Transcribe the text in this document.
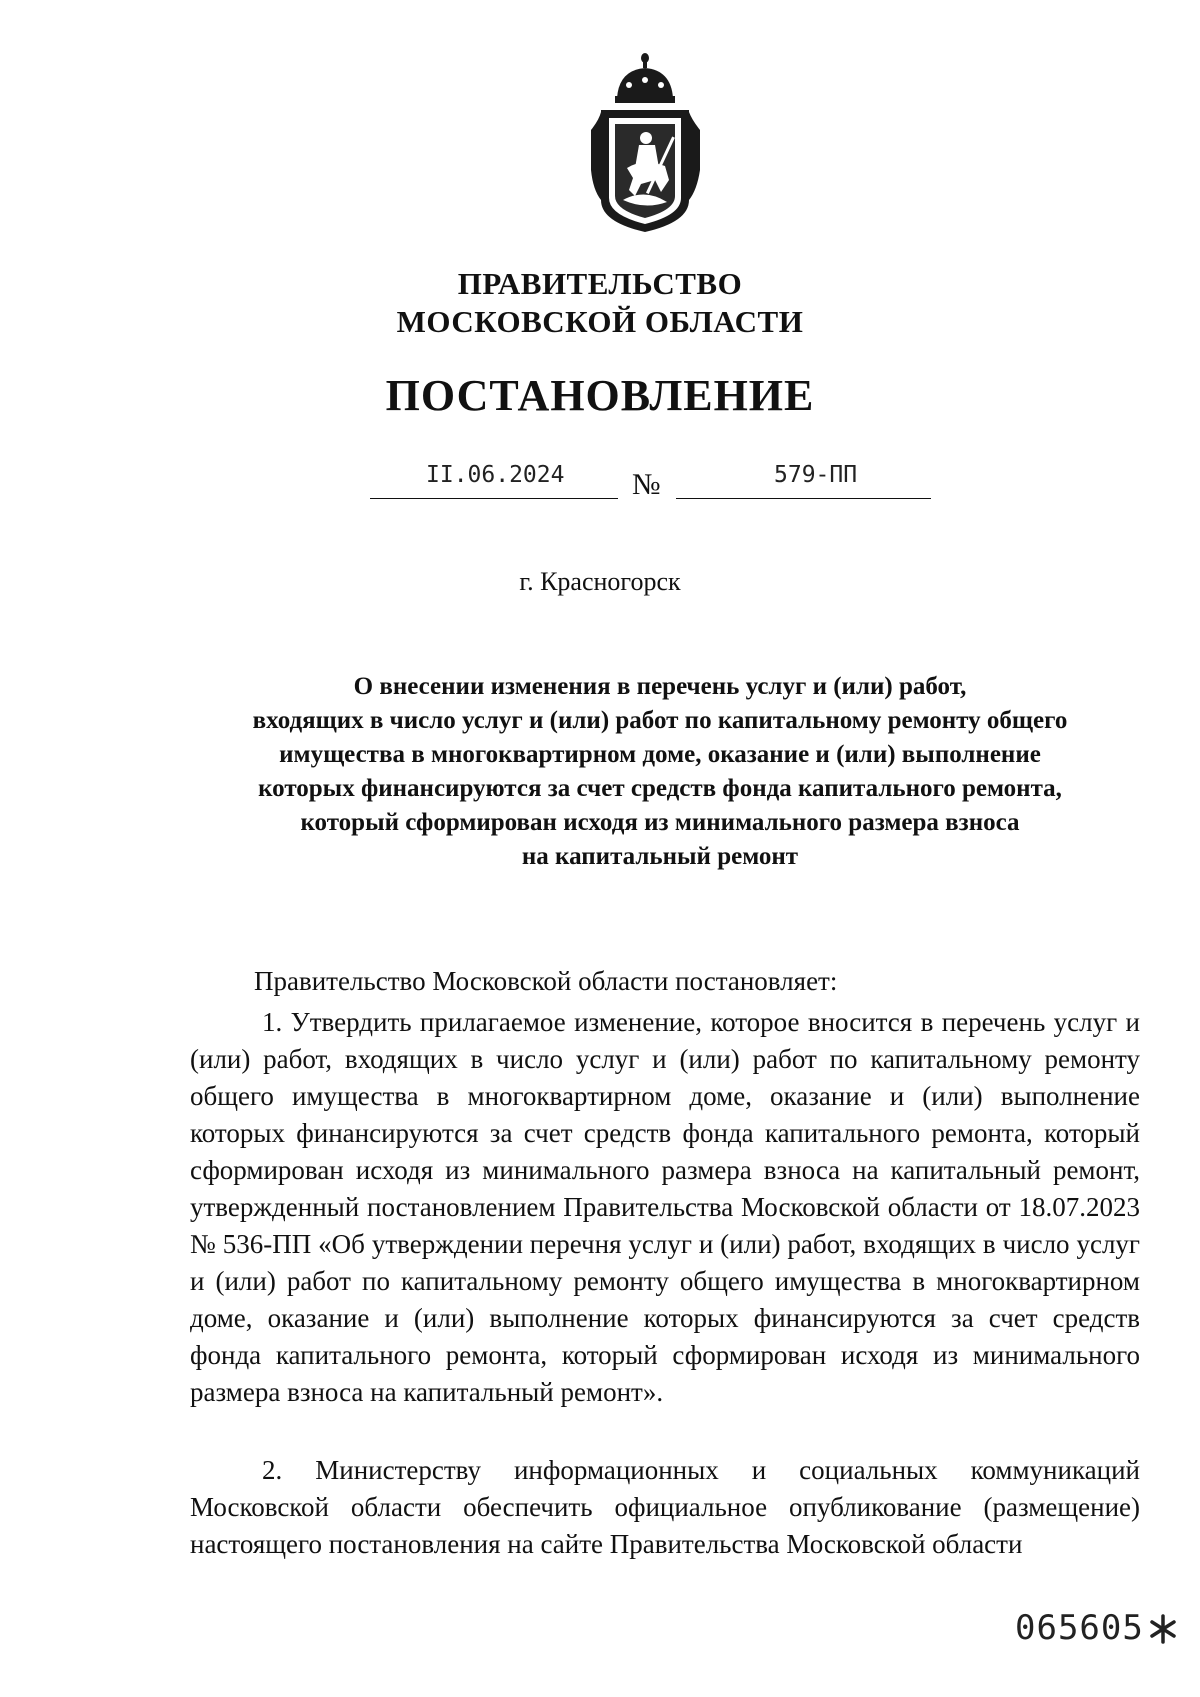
ПРАВИТЕЛЬСТВО
МОСКОВСКОЙ ОБЛАСТИ
ПОСТАНОВЛЕНИЕ
II.06.2024 №	579-ПП
г. Красногорск
О внесении изменения в перечень услуг и (или) работ,
входящих в число услуг и (или) работ по капитальному ремонту общего
имущества в многоквартирном доме, оказание и (или) выполнение
которых финансируются за счет средств фонда капитального ремонта,
который сформирован исходя из минимального размера взноса
на капитальный ремонт
Правительство Московской области постановляет:
1. Утвердить прилагаемое изменение, которое вносится в перечень услуг и (или) работ, входящих в число услуг и (или) работ по капитальному ремонту общего имущества в многоквартирном доме, оказание и (или) выполнение которых финансируются за счет средств фонда капитального ремонта, который сформирован исходя из минимального размера взноса на капитальный ремонт, утвержденный постановлением Правительства Московской области от 18.07.2023 № 536-ПП «Об утверждении перечня услуг и (или) работ, входящих в число услуг и (или) работ по капитальному ремонту общего имущества в многоквартирном доме, оказание и (или) выполнение которых финансируются за счет средств фонда капитального ремонта, который сформирован исходя из минимального размера взноса на капитальный ремонт».
2. Министерству информационных и социальных коммуникаций Московской области обеспечить официальное опубликование (размещение) настоящего постановления на сайте Правительства Московской области
065605
